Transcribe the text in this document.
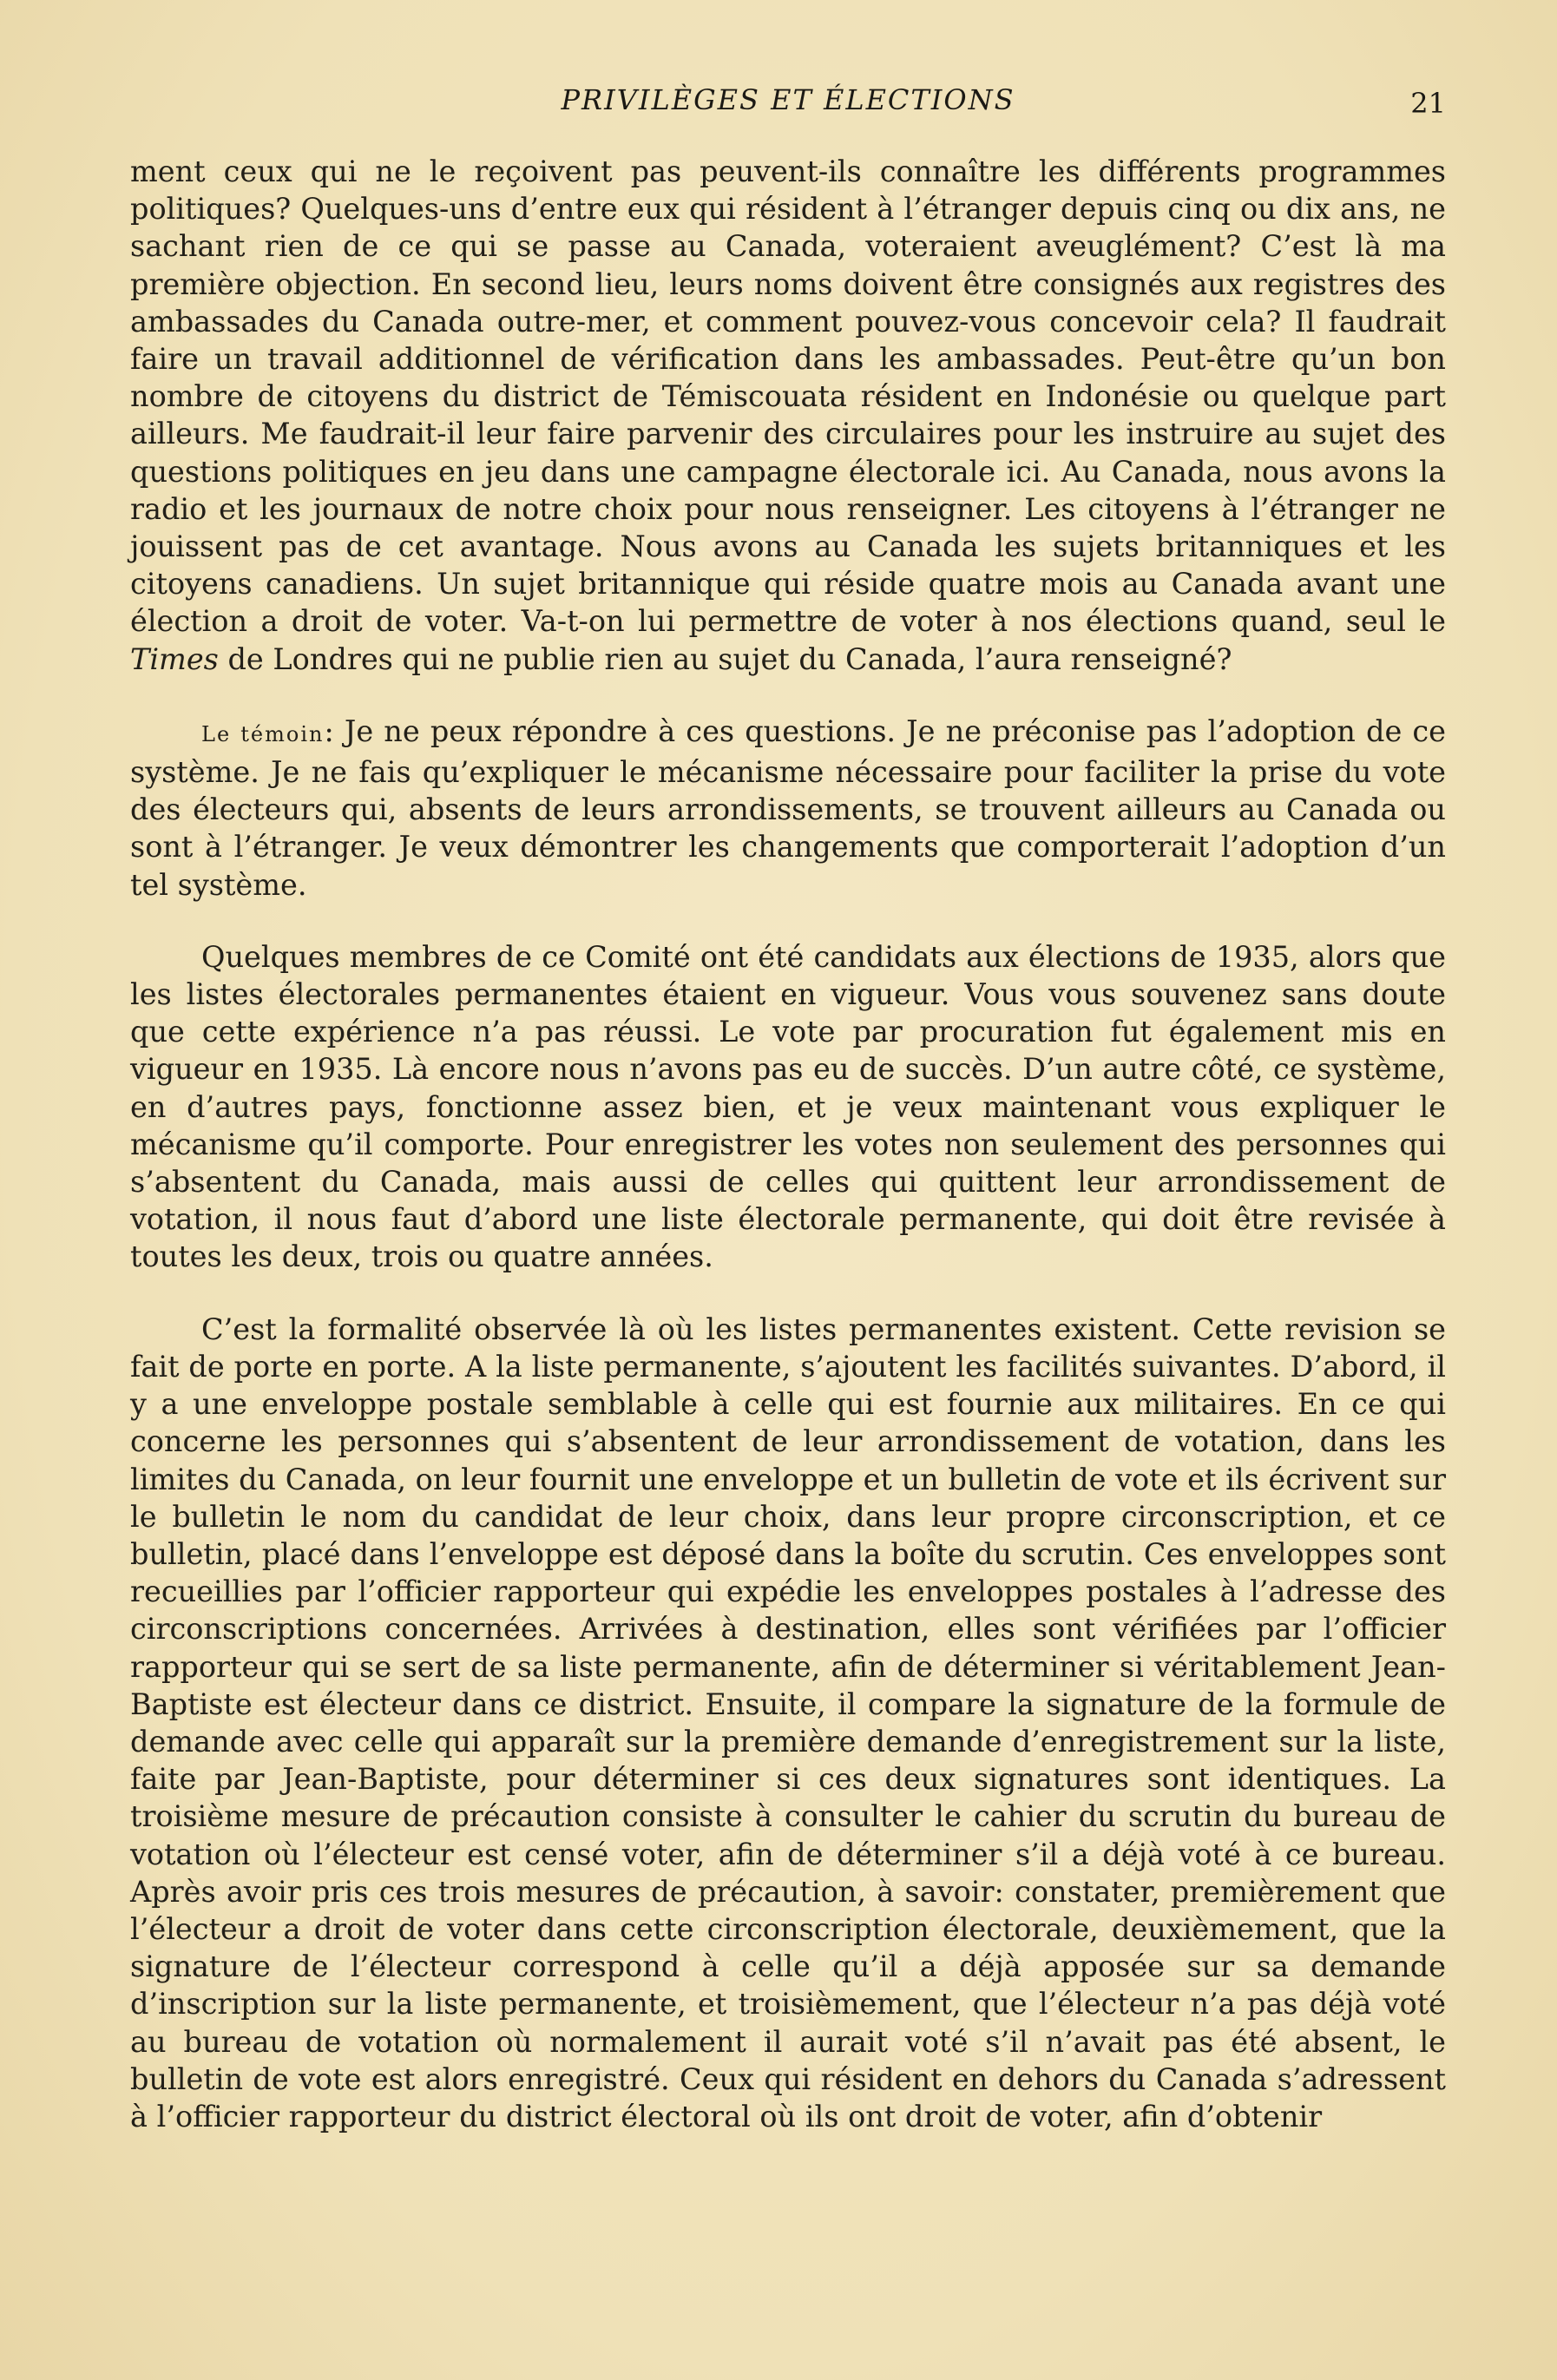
PRIVILÈGES ET ÉLECTIONS	21

ment ceux qui ne le reçoivent pas peuvent-ils connaître les différents programmes politiques? Quelques-uns d’entre eux qui résident à l’étranger depuis cinq ou dix ans, ne sachant rien de ce qui se passe au Canada, voteraient aveuglément? C’est là ma première objection. En second lieu, leurs noms doivent être consignés aux registres des ambassades du Canada outre-mer, et comment pouvez-vous concevoir cela? Il faudrait faire un travail additionnel de vérification dans les ambassades. Peut-être qu’un bon nombre de citoyens du district de Témiscouata résident en Indonésie ou quelque part ailleurs. Me faudrait-il leur faire parvenir des circulaires pour les instruire au sujet des questions politiques en jeu dans une campagne électorale ici. Au Canada, nous avons la radio et les journaux de notre choix pour nous renseigner. Les citoyens à l’étranger ne jouissent pas de cet avantage. Nous avons au Canada les sujets britanniques et les citoyens canadiens. Un sujet britannique qui réside quatre mois au Canada avant une élection a droit de voter. Va-t-on lui permettre de voter à nos élections quand, seul le Times de Londres qui ne publie rien au sujet du Canada, l’aura renseigné?

Le témoin: Je ne peux répondre à ces questions. Je ne préconise pas l’adoption de ce système. Je ne fais qu’expliquer le mécanisme nécessaire pour faciliter la prise du vote des électeurs qui, absents de leurs arrondissements, se trouvent ailleurs au Canada ou sont à l’étranger. Je veux démontrer les changements que comporterait l’adoption d’un tel système.

Quelques membres de ce Comité ont été candidats aux élections de 1935, alors que les listes électorales permanentes étaient en vigueur. Vous vous souvenez sans doute que cette expérience n’a pas réussi. Le vote par procuration fut également mis en vigueur en 1935. Là encore nous n’avons pas eu de succès. D’un autre côté, ce système, en d’autres pays, fonctionne assez bien, et je veux maintenant vous expliquer le mécanisme qu’il comporte. Pour enregistrer les votes non seulement des personnes qui s’absentent du Canada, mais aussi de celles qui quittent leur arrondissement de votation, il nous faut d’abord une liste électorale permanente, qui doit être revisée à toutes les deux, trois ou quatre années.

C’est la formalité observée là où les listes permanentes existent. Cette revision se fait de porte en porte. A la liste permanente, s’ajoutent les facilités suivantes. D’abord, il y a une enveloppe postale semblable à celle qui est fournie aux militaires. En ce qui concerne les personnes qui s’absentent de leur arrondissement de votation, dans les limites du Canada, on leur fournit une enveloppe et un bulletin de vote et ils écrivent sur le bulletin le nom du candidat de leur choix, dans leur propre circonscription, et ce bulletin, placé dans l’enveloppe est déposé dans la boîte du scrutin. Ces enveloppes sont recueillies par l’officier rapporteur qui expédie les enveloppes postales à l’adresse des circonscriptions concernées. Arrivées à destination, elles sont vérifiées par l’officier rapporteur qui se sert de sa liste permanente, afin de déterminer si véritablement Jean-Baptiste est électeur dans ce district. Ensuite, il compare la signature de la formule de demande avec celle qui apparaît sur la première demande d’enregistrement sur la liste, faite par Jean-Baptiste, pour déterminer si ces deux signatures sont identiques. La troisième mesure de précaution consiste à consulter le cahier du scrutin du bureau de votation où l’électeur est censé voter, afin de déterminer s’il a déjà voté à ce bureau. Après avoir pris ces trois mesures de précaution, à savoir: constater, premièrement que l’électeur a droit de voter dans cette circonscription électorale, deuxièmement, que la signature de l’électeur correspond à celle qu’il a déjà apposée sur sa demande d’inscription sur la liste permanente, et troisièmement, que l’électeur n’a pas déjà voté au bureau de votation où normalement il aurait voté s’il n’avait pas été absent, le bulletin de vote est alors enregistré. Ceux qui résident en dehors du Canada s’adressent à l’officier rapporteur du district électoral où ils ont droit de voter, afin d’obtenir
